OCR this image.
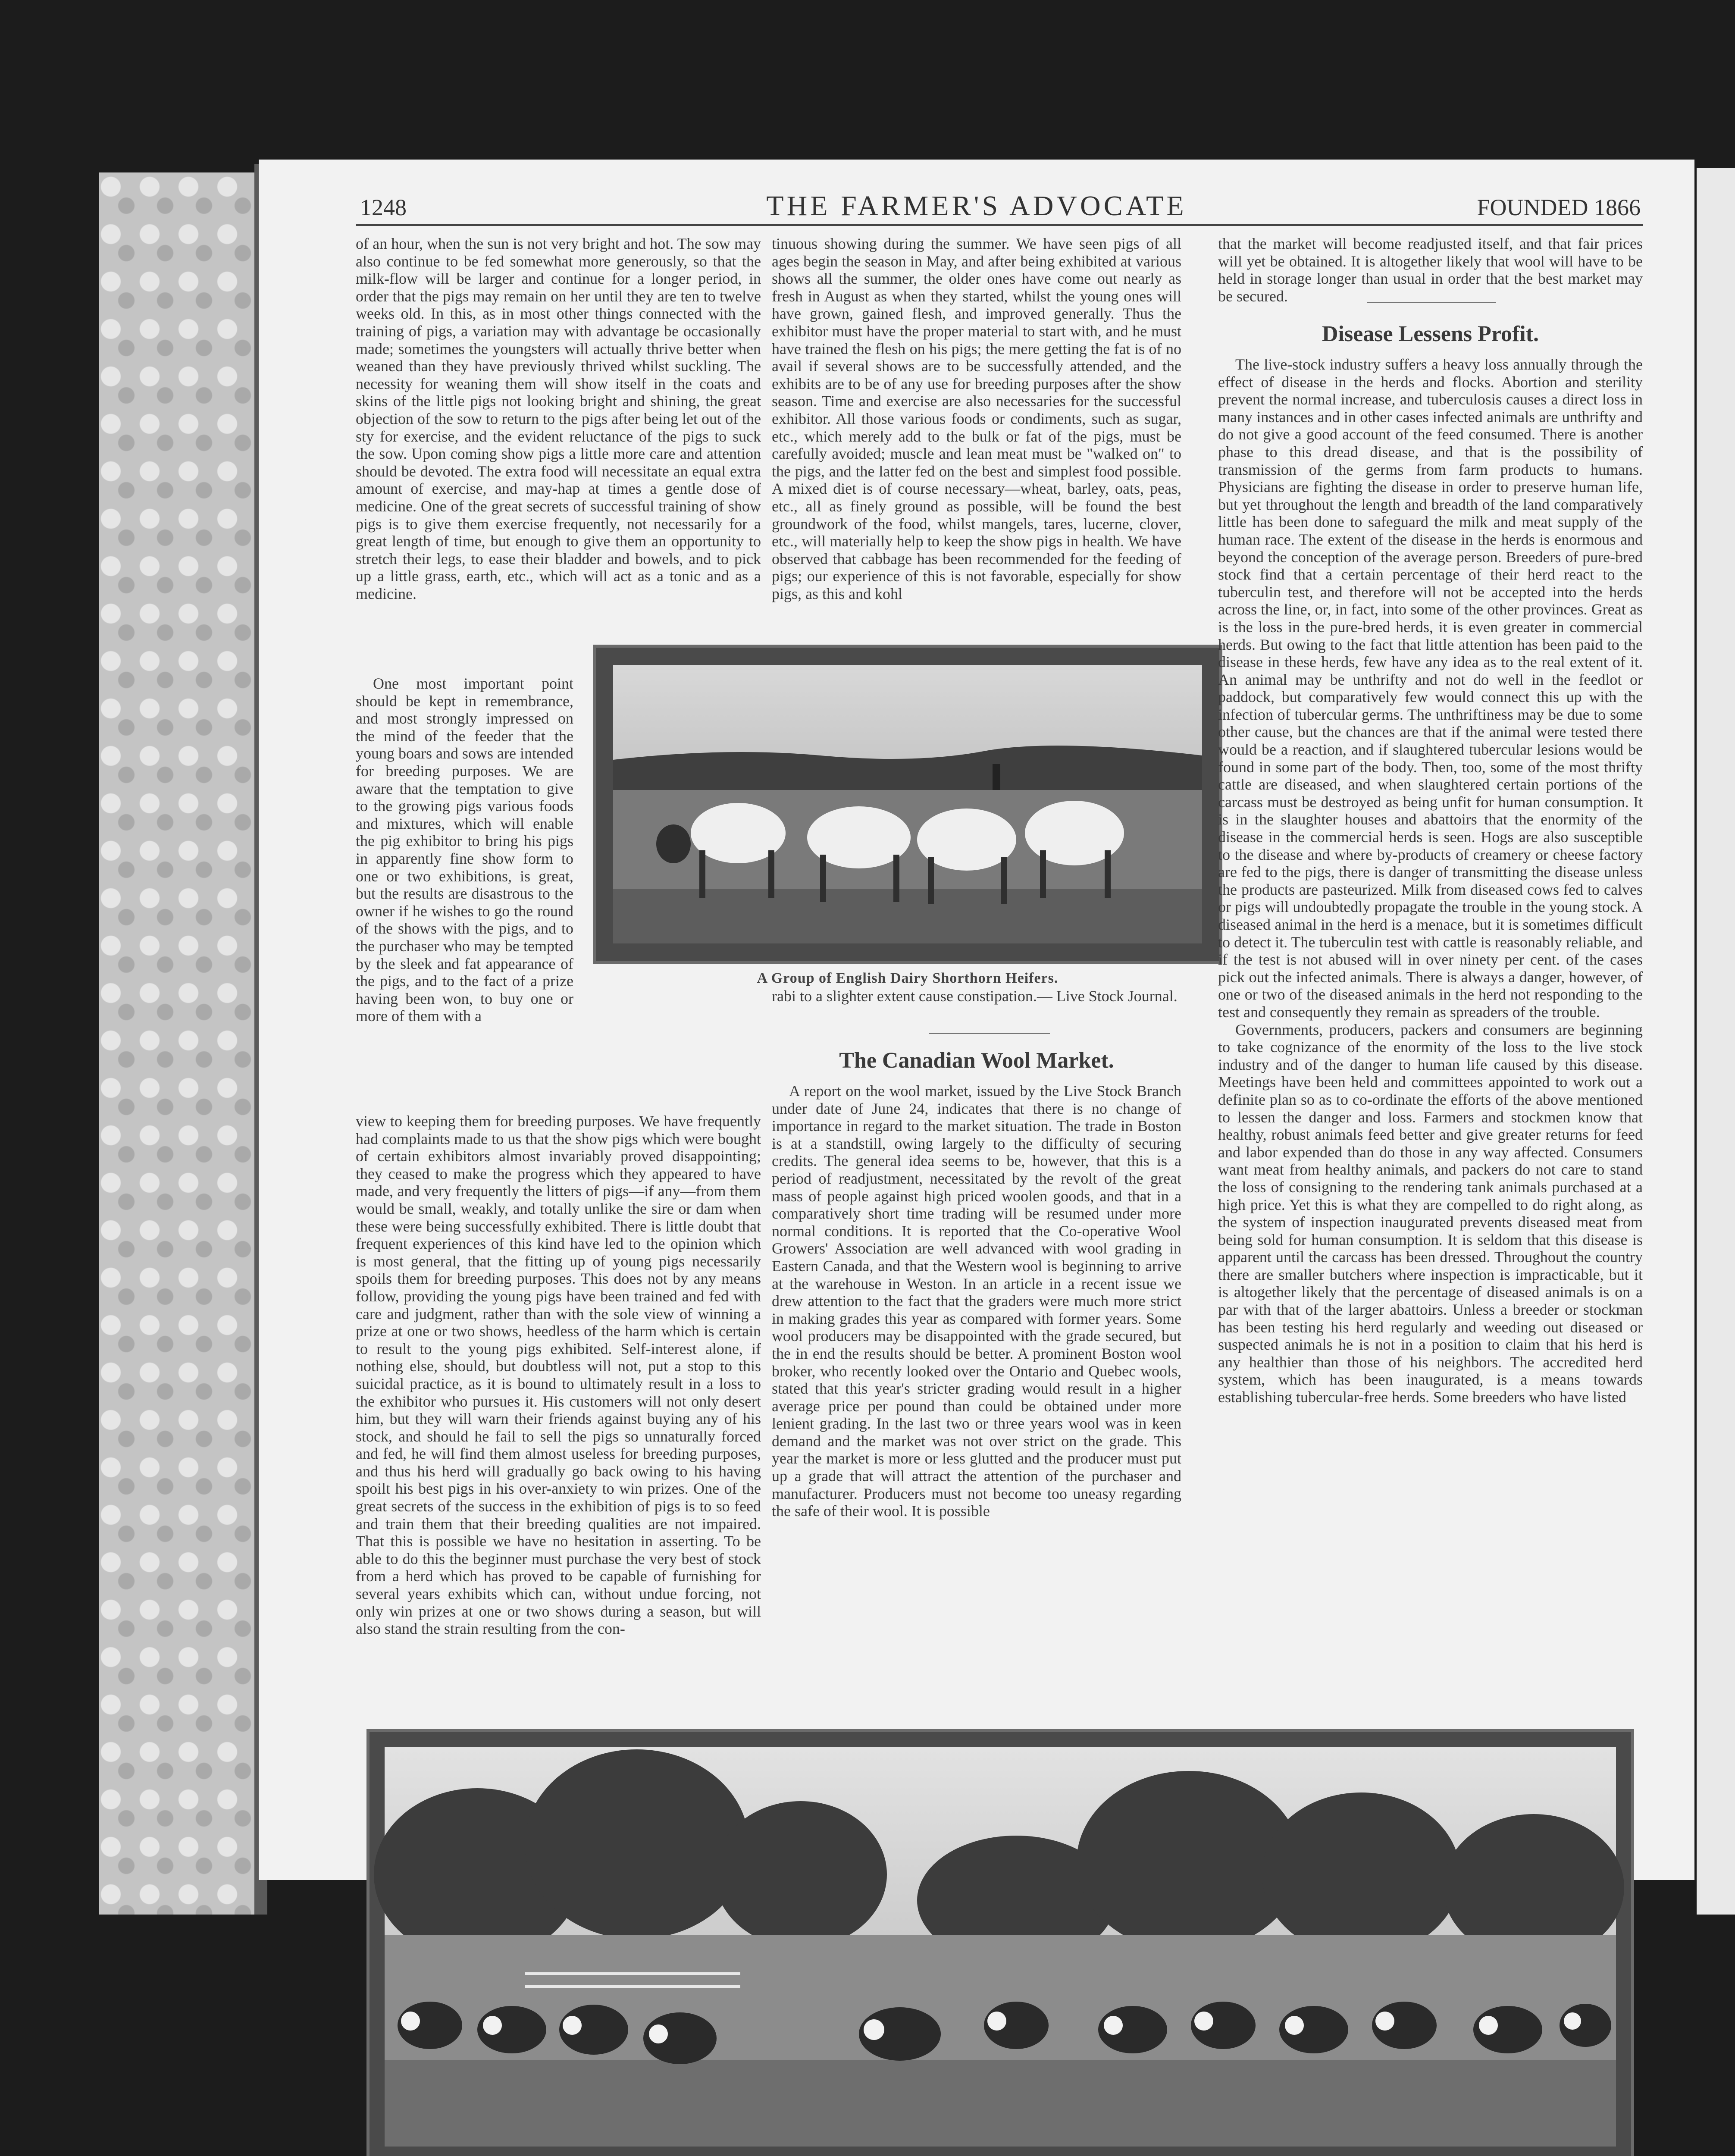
1248	THE FARMER'S ADVOCATE	FOUNDED 1866

of an hour, when the sun is not very bright and hot. The sow may also continue to be fed somewhat more generously, so that the milk-flow will be larger and continue for a longer period, in order that the pigs may remain on her until they are ten to twelve weeks old. In this, as in most other things connected with the training of pigs, a variation may with advantage be occasionally made; sometimes the youngsters will actually thrive better when weaned than they have previously thrived whilst suckling. The necessity for weaning them will show itself in the coats and skins of the little pigs not looking bright and shining, the great objection of the sow to return to the pigs after being let out of the sty for exercise, and the evident reluctance of the pigs to suck the sow. Upon coming show pigs a little more care and attention should be devoted. The extra food will necessitate an equal extra amount of exercise, and may-hap at times a gentle dose of medicine. One of the great secrets of successful training of show pigs is to give them exercise frequently, not necessarily for a great length of time, but enough to give them an opportunity to stretch their legs, to ease their bladder and bowels, and to pick up a little grass, earth, etc., which will act as a tonic and as a medicine.

One most important point should be kept in remembrance, and most strongly impressed on the mind of the feeder that the young boars and sows are intended for breeding purposes. We are aware that the temptation to give to the growing pigs various foods and mixtures, which will enable the pig exhibitor to bring his pigs in apparently fine show form to one or two exhibitions, is great, but the results are disastrous to the owner if he wishes to go the round of the shows with the pigs, and to the purchaser who may be tempted by the sleek and fat appearance of the pigs, and to the fact of a prize having been won, to buy one or more of them with a

view to keeping them for breeding purposes. We have frequently had complaints made to us that the show pigs which were bought of certain exhibitors almost invariably proved disappointing; they ceased to make the progress which they appeared to have made, and very frequently the litters of pigs—if any—from them would be small, weakly, and totally unlike the sire or dam when these were being successfully exhibited. There is little doubt that frequent experiences of this kind have led to the opinion which is most general, that the fitting up of young pigs necessarily spoils them for breeding purposes. This does not by any means follow, providing the young pigs have been trained and fed with care and judgment, rather than with the sole view of winning a prize at one or two shows, heedless of the harm which is certain to result to the young pigs exhibited. Self-interest alone, if nothing else, should, but doubtless will not, put a stop to this suicidal practice, as it is bound to ultimately result in a loss to the exhibitor who pursues it. His customers will not only desert him, but they will warn their friends against buying any of his stock, and should he fail to sell the pigs so unnaturally forced and fed, he will find them almost useless for breeding purposes, and thus his herd will gradually go back owing to his having spoilt his best pigs in his over-anxiety to win prizes. One of the great secrets of the success in the exhibition of pigs is to so feed and train them that their breeding qualities are not impaired. That this is possible we have no hesitation in asserting. To be able to do this the beginner must purchase the very best of stock from a herd which has proved to be capable of furnishing for several years exhibits which can, without undue forcing, not only win prizes at one or two shows during a season, but will also stand the strain resulting from the con-

tinuous showing during the summer. We have seen pigs of all ages begin the season in May, and after being exhibited at various shows all the summer, the older ones have come out nearly as fresh in August as when they started, whilst the young ones will have grown, gained flesh, and improved generally. Thus the exhibitor must have the proper material to start with, and he must have trained the flesh on his pigs; the mere getting the fat is of no avail if several shows are to be successfully attended, and the exhibits are to be of any use for breeding purposes after the show season. Time and exercise are also necessaries for the successful exhibitor. All those various foods or condiments, such as sugar, etc., which merely add to the bulk or fat of the pigs, must be carefully avoided; muscle and lean meat must be "walked on" to the pigs, and the latter fed on the best and simplest food possible. A mixed diet is of course necessary—wheat, barley, oats, peas, etc., all as finely ground as possible, will be found the best groundwork of the food, whilst mangels, tares, lucerne, clover, etc., will materially help to keep the show pigs in health. We have observed that cabbage has been recommended for the feeding of pigs; our experience of this is not favorable, especially for show pigs, as this and kohl

A Group of English Dairy Shorthorn Heifers.

rabi to a slighter extent cause constipation.— Live Stock Journal.

The Canadian Wool Market.

A report on the wool market, issued by the Live Stock Branch under date of June 24, indicates that there is no change of importance in regard to the market situation. The trade in Boston is at a standstill, owing largely to the difficulty of securing credits. The general idea seems to be, however, that this is a period of readjustment, necessitated by the revolt of the great mass of people against high priced woolen goods, and that in a comparatively short time trading will be resumed under more normal conditions. It is reported that the Co-operative Wool Growers' Association are well advanced with wool grading in Eastern Canada, and that the Western wool is beginning to arrive at the warehouse in Weston. In an article in a recent issue we drew attention to the fact that the graders were much more strict in making grades this year as compared with former years. Some wool producers may be disappointed with the grade secured, but the in end the results should be better. A prominent Boston wool broker, who recently looked over the Ontario and Quebec wools, stated that this year's stricter grading would result in a higher average price per pound than could be obtained under more lenient grading. In the last two or three years wool was in keen demand and the market was not over strict on the grade. This year the market is more or less glutted and the producer must put up a grade that will attract the attention of the purchaser and manufacturer. Producers must not become too uneasy regarding the safe of their wool. It is possible

that the market will become readjusted itself, and that fair prices will yet be obtained. It is altogether likely that wool will have to be held in storage longer than usual in order that the best market may be secured.

Disease Lessens Profit.

The live-stock industry suffers a heavy loss annually through the effect of disease in the herds and flocks. Abortion and sterility prevent the normal increase, and tuberculosis causes a direct loss in many instances and in other cases infected animals are unthrifty and do not give a good account of the feed consumed. There is another phase to this dread disease, and that is the possibility of transmission of the germs from farm products to humans. Physicians are fighting the disease in order to preserve human life, but yet throughout the length and breadth of the land comparatively little has been done to safeguard the milk and meat supply of the human race. The extent of the disease in the herds is enormous and beyond the conception of the average person. Breeders of pure-bred stock find that a certain percentage of their herd react to the tuberculin test, and therefore will not be accepted into the herds across the line, or, in fact, into some of the other provinces. Great as is the loss in the pure-bred herds, it is even greater in commercial herds. But owing to the fact that little attention has been paid to the disease in these herds, few have any idea as to the real extent of it. An animal may be unthrifty and not do well in the feedlot or paddock, but comparatively few would connect this up with the infection of tubercular germs. The unthriftiness may be due to some other cause, but the chances are that if the animal were tested there would be a reaction, and if slaughtered tubercular lesions would be found in some part of the body. Then, too, some of the most thrifty cattle are diseased, and when slaughtered certain portions of the carcass must be destroyed as being unfit for human consumption. It is in the slaughter houses and abattoirs that the enormity of the disease in the commercial herds is seen. Hogs are also susceptible to the disease and where by-products of creamery or cheese factory are fed to the pigs, there is danger of transmitting the disease unless the products are pasteurized. Milk from diseased cows fed to calves or pigs will undoubtedly propagate the trouble in the young stock. A diseased animal in the herd is a menace, but it is sometimes difficult to detect it. The tuberculin test with cattle is reasonably reliable, and if the test is not abused will in over ninety per cent. of the cases pick out the infected animals. There is always a danger, however, of one or two of the diseased animals in the herd not responding to the test and consequently they remain as spreaders of the trouble.

Governments, producers, packers and consumers are beginning to take cognizance of the enormity of the loss to the live stock industry and of the danger to human life caused by this disease. Meetings have been held and committees appointed to work out a definite plan so as to co-ordinate the efforts of the above mentioned to lessen the danger and loss. Farmers and stockmen know that healthy, robust animals feed better and give greater returns for feed and labor expended than do those in any way affected. Consumers want meat from healthy animals, and packers do not care to stand the loss of consigning to the rendering tank animals purchased at a high price. Yet this is what they are compelled to do right along, as the system of inspection inaugurated prevents diseased meat from being sold for human consumption. It is seldom that this disease is apparent until the carcass has been dressed. Throughout the country there are smaller butchers where inspection is impracticable, but it is altogether likely that the percentage of diseased animals is on a par with that of the larger abattoirs. Unless a breeder or stockman has been testing his herd regularly and weeding out diseased or suspected animals he is not in a position to claim that his herd is any healthier than those of his neighbors. The accredited herd system, which has been inaugurated, is a means towards establishing tubercular-free herds. Some breeders who have listed
